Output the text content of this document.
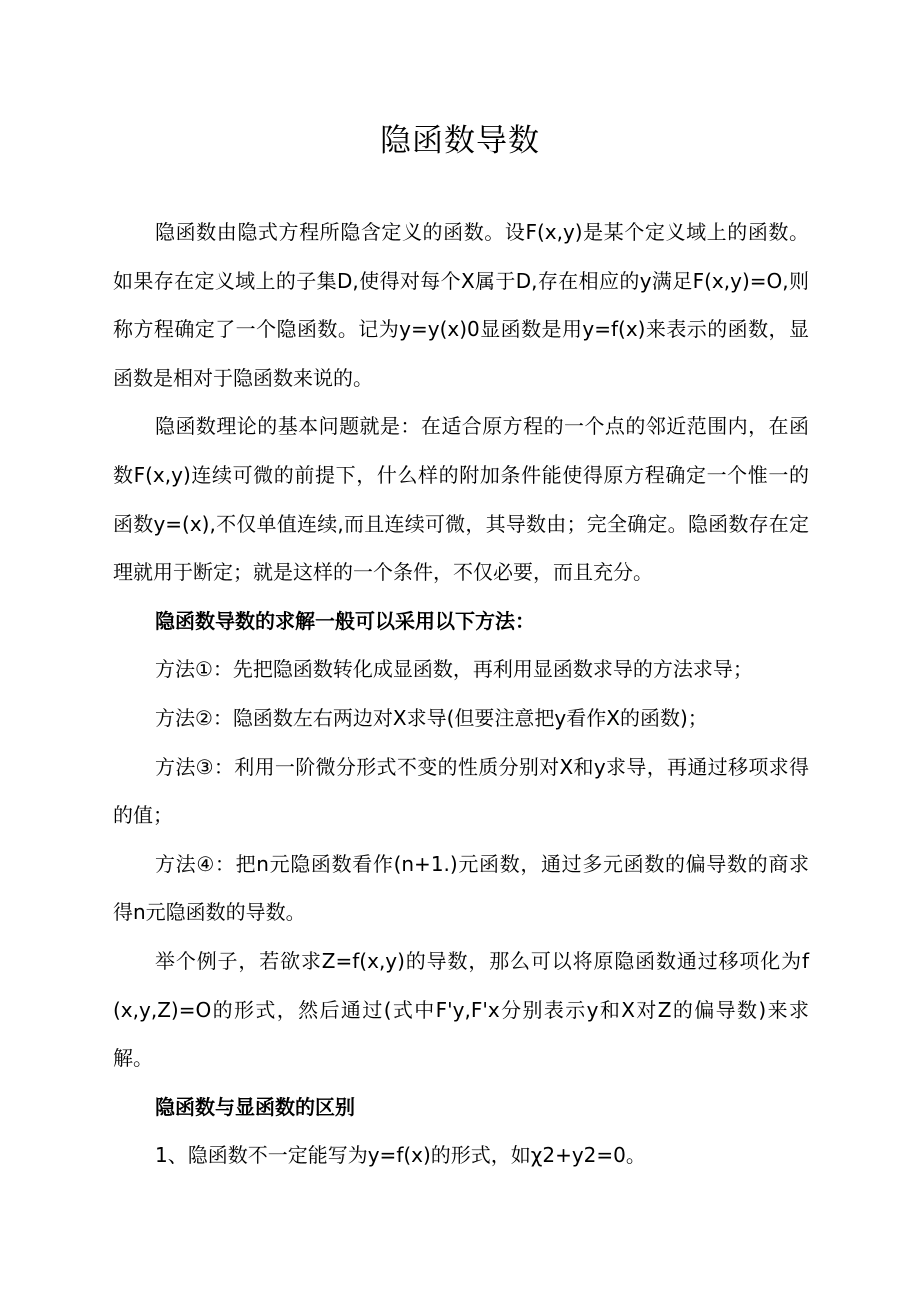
隐函数导数

隐函数由隐式方程所隐含定义的函数。设F(x,y)是某个定义域上的函数。如果存在定义域上的子集D,使得对每个X属于D,存在相应的y满足F(x,y)=O,则称方程确定了一个隐函数。记为y=y(x)0显函数是用y=f(x)来表示的函数，显函数是相对于隐函数来说的。

隐函数理论的基本问题就是：在适合原方程的一个点的邻近范围内，在函数F(x,y)连续可微的前提下，什么样的附加条件能使得原方程确定一个惟一的函数y=(x),不仅单值连续,而且连续可微，其导数由；完全确定。隐函数存在定理就用于断定；就是这样的一个条件，不仅必要，而且充分。

隐函数导数的求解一般可以采用以下方法：

方法①：先把隐函数转化成显函数，再利用显函数求导的方法求导；

方法②：隐函数左右两边对X求导(但要注意把y看作X的函数)；

方法③：利用一阶微分形式不变的性质分别对X和y求导，再通过移项求得的值；

方法④：把n元隐函数看作(n+1.)元函数，通过多元函数的偏导数的商求得n元隐函数的导数。

举个例子，若欲求Z=f(x,y)的导数，那么可以将原隐函数通过移项化为f(x,y,Z)=O的形式，然后通过(式中F'y,F'x分别表示y和X对Z的偏导数)来求解。

隐函数与显函数的区别

1、隐函数不一定能写为y=f(x)的形式，如χ2+y2=0。
